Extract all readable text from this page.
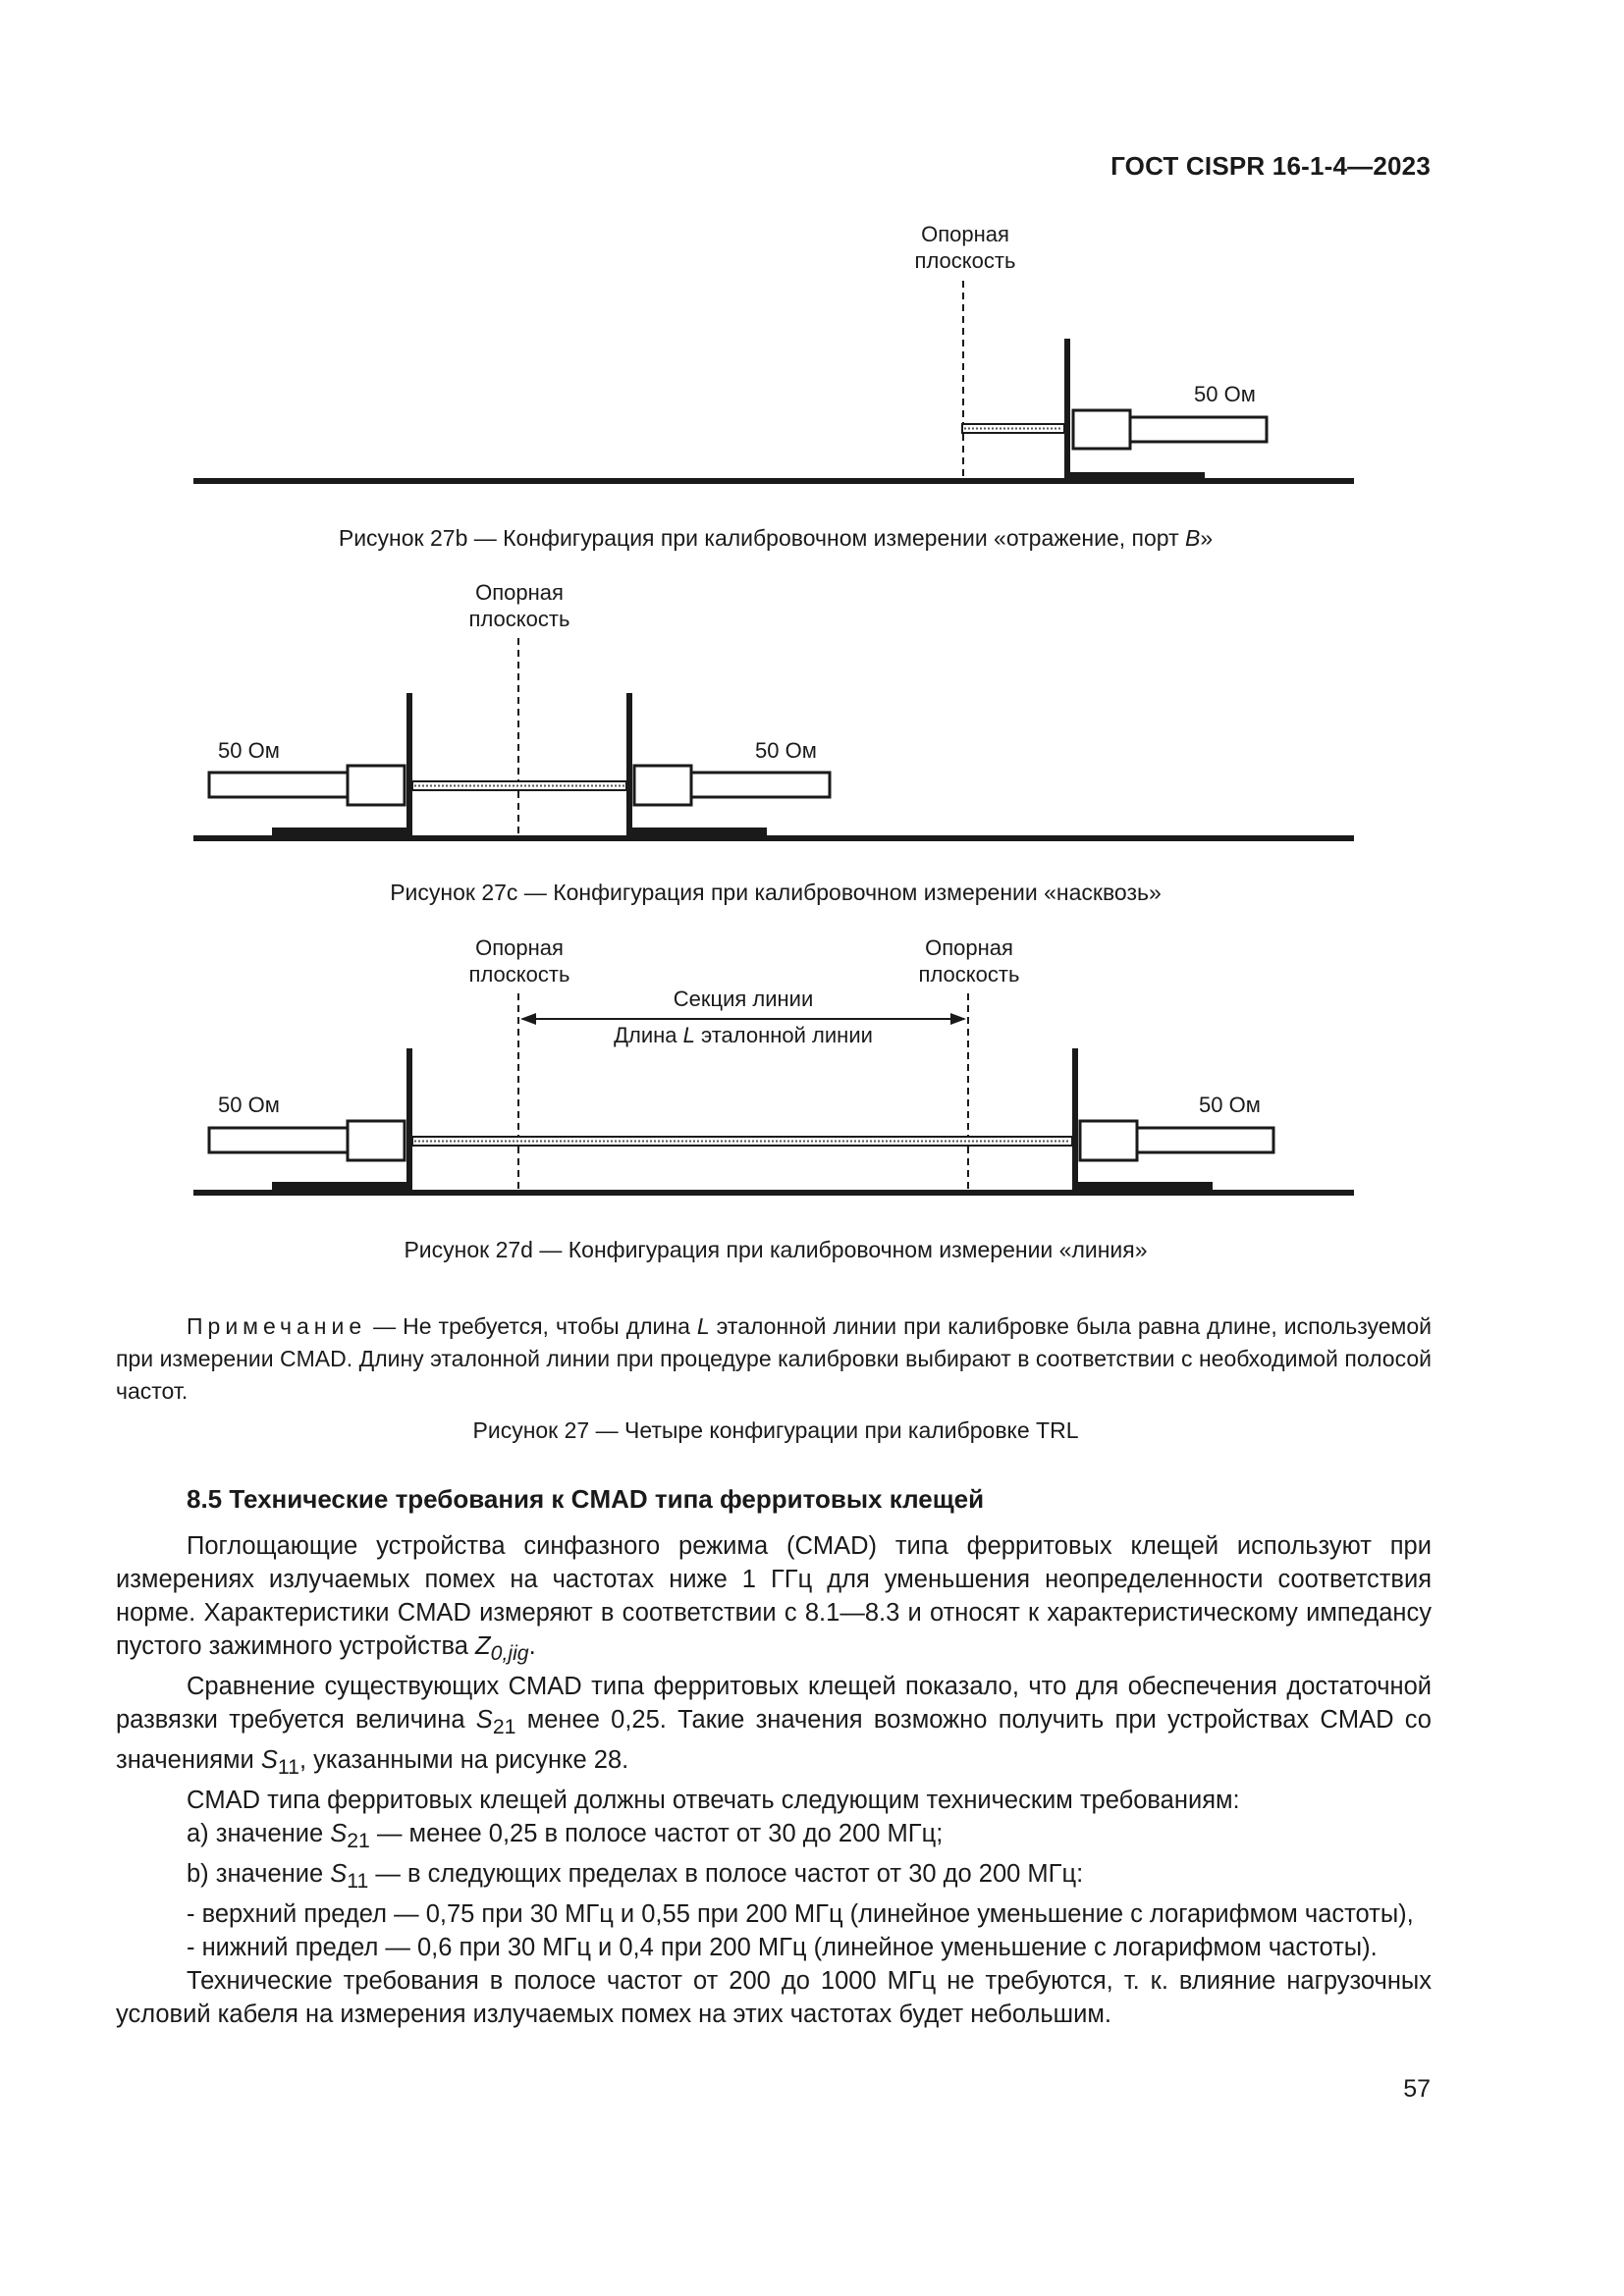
ГОСТ CISPR 16-1-4—2023
Опорная
плоскость
50 Ом
Рисунок 27b — Конфигурация при калибровочном измерении «отражение, порт B»
Опорная
плоскость
50 Ом	50 Ом
Рисунок 27с — Конфигурация при калибровочном измерении «насквозь»
Опорная
плоскость
Опорная
плоскость
Секция линии
Длина L эталонной линии
50 Ом	50 Ом
Рисунок 27d — Конфигурация при калибровочном измерении «линия»
Примечание — Не требуется, чтобы длина L эталонной линии при калибровке была равна длине, используемой при измерении CMAD. Длину эталонной линии при процедуре калибровки выбирают в соответствии с необходимой полосой частот.
Рисунок 27 — Четыре конфигурации при калибровке TRL
8.5 Технические требования к CMAD типа ферритовых клещей

Поглощающие устройства синфазного режима (CMAD) типа ферритовых клещей используют при измерениях излучаемых помех на частотах ниже 1 ГГц для уменьшения неопределенности соответствия норме. Характеристики CMAD измеряют в соответствии с 8.1—8.3 и относят к характеристическому импедансу пустого зажимного устройства $Z_{0,jig}$.

Сравнение существующих CMAD типа ферритовых клещей показало, что для обеспечения достаточной развязки требуется величина $S_{21}$ менее 0,25. Такие значения возможно получить при устройствах CMAD со значениями $S_{11}$, указанными на рисунке 28.

CMAD типа ферритовых клещей должны отвечать следующим техническим требованиям:

a) значение $S_{21}$ — менее 0,25 в полосе частот от 30 до 200 МГц;

b) значение $S_{11}$ — в следующих пределах в полосе частот от 30 до 200 МГц:

- верхний предел — 0,75 при 30 МГц и 0,55 при 200 МГц (линейное уменьшение с логарифмом частоты),

- нижний предел — 0,6 при 30 МГц и 0,4 при 200 МГц (линейное уменьшение с логарифмом частоты).

Технические требования в полосе частот от 200 до 1000 МГц не требуются, т. к. влияние нагрузочных условий кабеля на измерения излучаемых помех на этих частотах будет небольшим.

57
